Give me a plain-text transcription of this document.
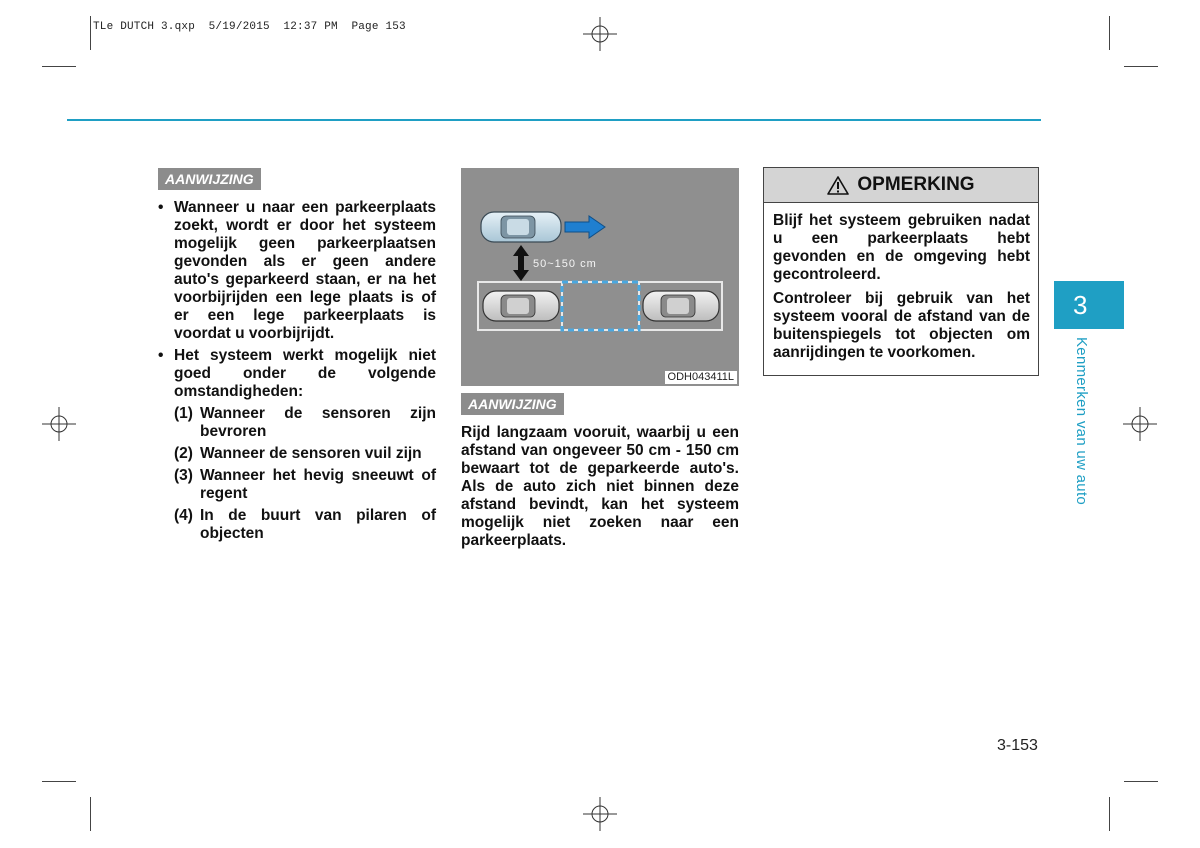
TLe DUTCH 3.qxp  5/19/2015  12:37 PM  Page 153
AANWIJZING
• Wanneer u naar een parkeerplaats zoekt, wordt er door het systeem mogelijk geen parkeerplaatsen gevonden als er geen andere auto's geparkeerd staan, er na het voorbijrijden een lege plaats is of er een lege parkeerplaats is voordat u voorbijrijdt.
• Het systeem werkt mogelijk niet goed onder de volgende omstandigheden:
(1) Wanneer de sensoren zijn bevroren
(2) Wanneer de sensoren vuil zijn
(3) Wanneer het hevig sneeuwt of regent
(4) In de buurt van pilaren of objecten
50~150 cm
ODH043411L
AANWIJZING
Rijd langzaam vooruit, waarbij u een afstand van ongeveer 50 cm - 150 cm bewaart tot de geparkeerde auto's. Als de auto zich niet binnen deze afstand bevindt, kan het systeem mogelijk niet zoeken naar een parkeerplaats.
OPMERKING

Blijf het systeem gebruiken nadat u een parkeerplaats hebt gevonden en de omgeving hebt gecontroleerd.

Controleer bij gebruik van het systeem vooral de afstand van de buitenspiegels tot objecten om aanrijdingen te voorkomen.

3
Kenmerken van uw auto
3-153
